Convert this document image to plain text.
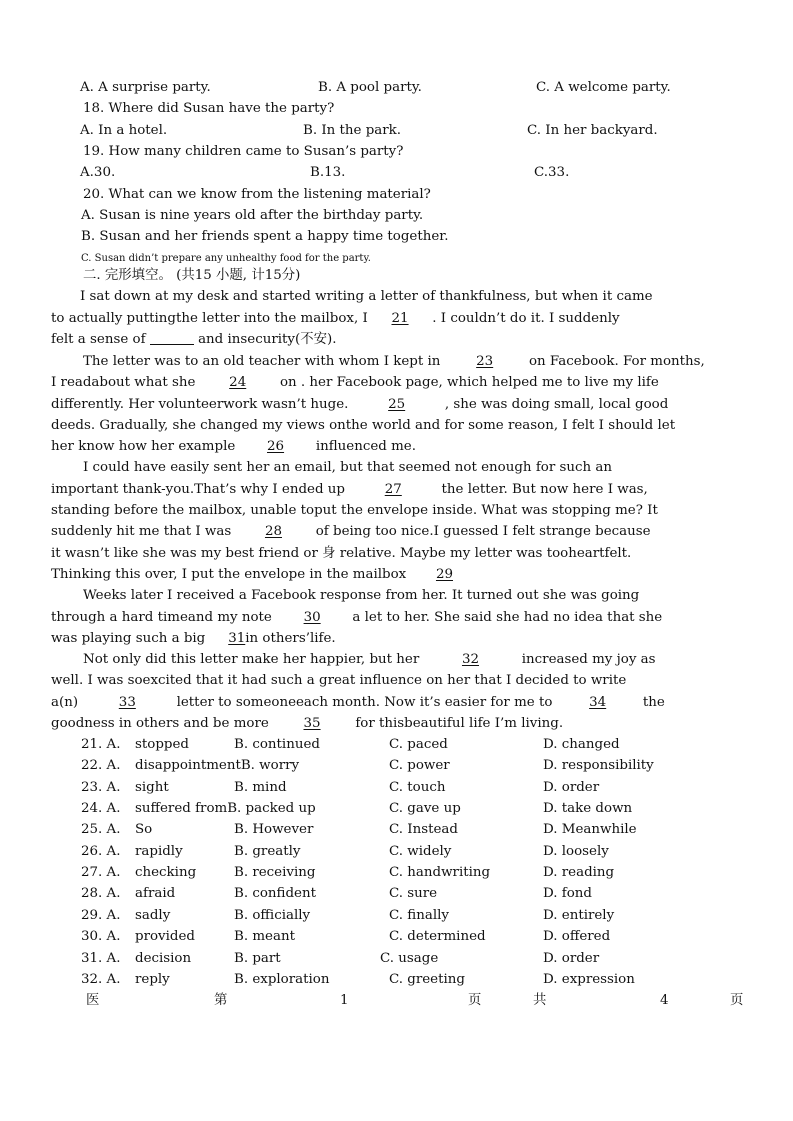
A. A surprise party.	B. A pool party.	C. A welcome party.
18. Where did Susan have the party?
A. In a hotel.	B. In the park.	C. In her backyard.
19. How many children came to Susan’s party?
A.30.	B.13.	C.33.
20. What can we know from the listening material?
A. Susan is nine years old after the birthday party.
B. Susan and her friends spent a happy time together.
C. Susan didn’t prepare any unhealthy food for the party.
二. 完形填空。 (共15 小题, 计15分)
I sat down at my desk and started writing a letter of thankfulness, but when it came
to actually puttingthe letter into the mailbox, I 21 . I couldn’t do it. I suddenly
felt a sense of	and insecurity(不安).
The letter was to an old teacher with whom I kept in	23	on Facebook. For months,
I readabout what she	24	on . her Facebook page, which helped me to live my life
differently. Her volunteerwork wasn’t huge.	25	, she was doing small, local good
deeds. Gradually, she changed my views onthe world and for some reason, I felt I should let
her know how her example 26 influenced me.
I could have easily sent her an email, but that seemed not enough for such an
important thank-you.That’s why I ended up	27	the letter. But now here I was,
standing before the mailbox, unable toput the envelope inside. What was stopping me? It
suddenly hit me that I was	28	of being too nice.I guessed I felt strange because
it wasn’t like she was my best friend or 身 relative. Maybe my letter was tooheartfelt.
Thinking this over, I put the envelope in the mailbox 29
Weeks later I received a Facebook response from her. It turned out she was going
through a hard timeand my note 30 a let to her. She said she had no idea that she
was playing such a big 31in others’life.
Not only did this letter make her happier, but her	32	increased my joy as
well. I was soexcited that it had such a great influence on her that I decided to write
a(n)	33	letter to someoneeach month. Now it’s easier for me to	34	the
goodness in others and be more	35	for thisbeautiful life I’m living.
21. A. stopped	B. continued	C. paced	D. changed
22. A. disappointmentB. worry	C. power	D. responsibility
23. A. sight	B. mind	C. touch	D. order
24. A. suffered fromB. packed up	C. gave up	D. take down
25. A. So	B. However	C. Instead	D. Meanwhile
26. A. rapidly	B. greatly	C. widely	D. loosely
27. A. checking	B. receiving	C. handwriting	D. reading
28. A. afraid	B. confident	C. sure	D. fond
29. A. sadly	B. officially	C. finally	D. entirely
30. A. provided	B. meant	C. determined	D. offered
31. A. decision	B. part	C. usage	D. order
32. A. reply	B. exploration	C. greeting	D. expression
医	第	1	页	共	4	页
